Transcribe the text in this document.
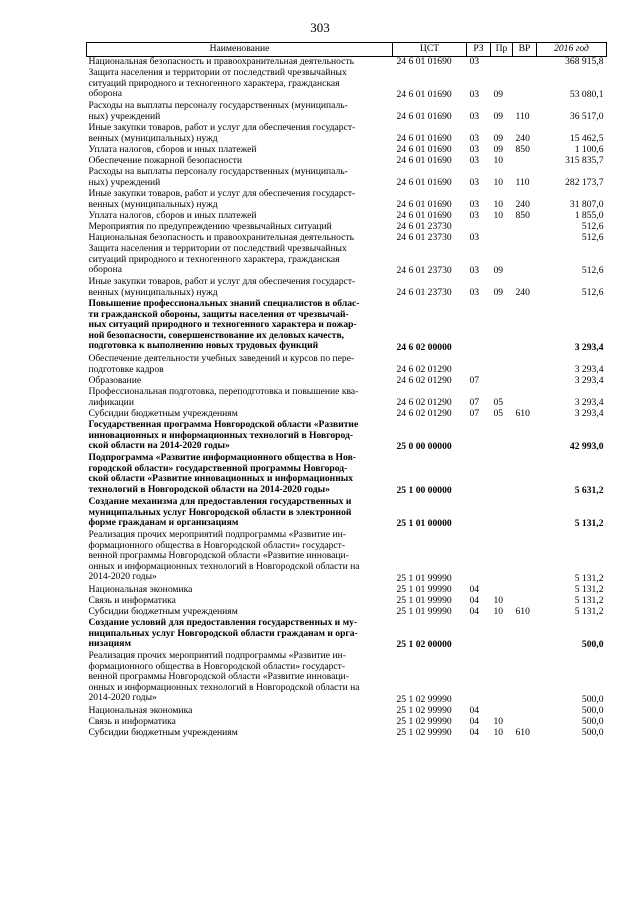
303
Наименование	ЦСТ	РЗ	Пр	ВР	2016 год

Национальная безопасность и правоохранительная деятельность	24 6 01 01690	03			368 915,8

Защита населения и территории от последствий чрезвычайных
ситуаций природного и техногенного характера, гражданская
оборона	24 6 01 01690	03	09		53 080,1

Расходы на выплаты персоналу государственных (муниципаль-
ных) учреждений	24 6 01 01690	03	09	110	36 517,0

Иные закупки товаров, работ и услуг для обеспечения государст-
венных (муниципальных) нужд	24 6 01 01690	03	09	240	15 462,5

Уплата налогов, сборов и иных платежей	24 6 01 01690	03	09	850	1 100,6

Обеспечение пожарной безопасности	24 6 01 01690	03	10		315 835,7

Расходы на выплаты персоналу государственных (муниципаль-
ных) учреждений	24 6 01 01690	03	10	110	282 173,7

Иные закупки товаров, работ и услуг для обеспечения государст-
венных (муниципальных) нужд	24 6 01 01690	03	10	240	31 807,0

Уплата налогов, сборов и иных платежей	24 6 01 01690	03	10	850	1 855,0

Мероприятия по предупреждению чрезвычайных ситуаций	24 6 01 23730				512,6

Национальная безопасность и правоохранительная деятельность	24 6 01 23730	03			512,6

Защита населения и территории от последствий чрезвычайных
ситуаций природного и техногенного характера, гражданская
оборона	24 6 01 23730	03	09		512,6

Иные закупки товаров, работ и услуг для обеспечения государст-
венных (муниципальных) нужд	24 6 01 23730	03	09	240	512,6

Повышение профессиональных знаний специалистов в облас-
ти гражданской обороны, защиты населения от чрезвычай-
ных ситуаций природного и техногенного характера и пожар-
ной безопасности, совершенствование их деловых качеств,
подготовка к выполнению новых трудовых функций	24 6 02 00000				3 293,4

Обеспечение деятельности учебных заведений и курсов по пере-
подготовке кадров	24 6 02 01290				3 293,4

Образование	24 6 02 01290	07			3 293,4

Профессиональная подготовка, переподготовка и повышение ква-
лификации	24 6 02 01290	07	05		3 293,4

Субсидии бюджетным учреждениям	24 6 02 01290	07	05	610	3 293,4

Государственная программа Новгородской области «Развитие
инновационных и информационных технологий в Новгород-
ской области на 2014-2020 годы»	25 0 00 00000				42 993,0

Подпрограмма «Развитие информационного общества в Нов-
городской области» государственной программы Новгород-
ской области «Развитие инновационных и информационных
технологий в Новгородской области на 2014-2020 годы»	25 1 00 00000				5 631,2

Создание механизма для предоставления государственных и
муниципальных услуг Новгородской области в электронной
форме гражданам и организациям	25 1 01 00000				5 131,2

Реализация прочих мероприятий подпрограммы «Развитие ин-
формационного общества в Новгородской области» государст-
венной программы Новгородской области «Развитие инноваци-
онных и информационных технологий в Новгородской области на
2014-2020 годы»	25 1 01 99990				5 131,2

Национальная экономика	25 1 01 99990	04			5 131,2

Связь и информатика	25 1 01 99990	04	10		5 131,2

Субсидии бюджетным учреждениям	25 1 01 99990	04	10	610	5 131,2

Создание условий для предоставления государственных и му-
ниципальных услуг Новгородской области гражданам и орга-
низациям	25 1 02 00000				500,0

Реализация прочих мероприятий подпрограммы «Развитие ин-
формационного общества в Новгородской области» государст-
венной программы Новгородской области «Развитие инноваци-
онных и информационных технологий в Новгородской области на
2014-2020 годы»	25 1 02 99990				500,0

Национальная экономика	25 1 02 99990	04			500,0

Связь и информатика	25 1 02 99990	04	10		500,0

Субсидии бюджетным учреждениям	25 1 02 99990	04	10	610	500,0
